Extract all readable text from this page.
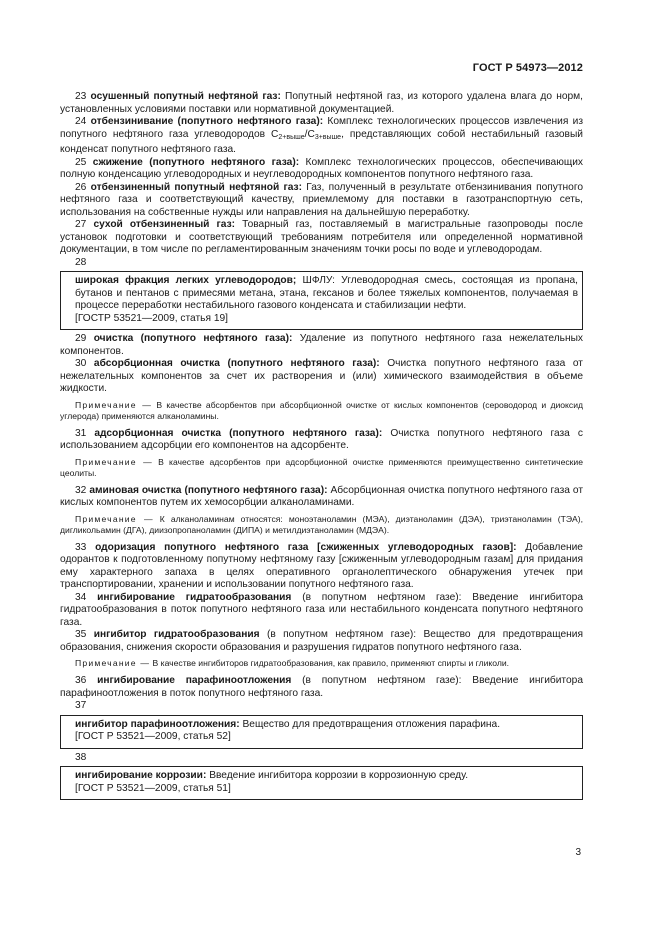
ГОСТ Р 54973—2012

23 осушенный попутный нефтяной газ: Попутный нефтяной газ, из которого удалена влага до норм, установленных условиями поставки или нормативной документацией.

24 отбензинивание (попутного нефтяного газа): Комплекс технологических процессов извлечения из попутного нефтяного газа углеводородов $C_{2+выше}/C_{3+выше}$, представляющих собой нестабильный газовый конденсат попутного нефтяного газа.

25 сжижение (попутного нефтяного газа): Комплекс технологических процессов, обеспечивающих полную конденсацию углеводородных и неуглеводородных компонентов попутного нефтяного газа.

26 отбензиненный попутный нефтяной газ: Газ, полученный в результате отбензинивания попутного нефтяного газа и соответствующий качеству, приемлемому для поставки в газотранспортную сеть, использования на собственные нужды или направления на дальнейшую переработку.

27 сухой отбензиненный газ: Товарный газ, поставляемый в магистральные газопроводы после установок подготовки и соответствующий требованиям потребителя или определенной нормативной документации, в том числе по регламентированным значениям точки росы по воде и углеводородам.

28

широкая фракция легких углеводородов; ШФЛУ: Углеводородная смесь, состоящая из пропана, бутанов и пентанов с примесями метана, этана, гексанов и более тяжелых компонентов, получаемая в процессе переработки нестабильного газового конденсата и стабилизации нефти.

[ГОСТР 53521—2009, статья 19]

29 очистка (попутного нефтяного газа): Удаление из попутного нефтяного газа нежелательных компонентов.

30 абсорбционная очистка (попутного нефтяного газа): Очистка попутного нефтяного газа от нежелательных компонентов за счет их растворения и (или) химического взаимодействия в объеме жидкости.

Примечание — В качестве абсорбентов при абсорбционной очистке от кислых компонентов (сероводород и диоксид углерода) применяются алканоламины.

31 адсорбционная очистка (попутного нефтяного газа): Очистка попутного нефтяного газа с использованием адсорбции его компонентов на адсорбенте.

Примечание — В качестве адсорбентов при адсорбционной очистке применяются преимущественно синтетические цеолиты.

32 аминовая очистка (попутного нефтяного газа): Абсорбционная очистка попутного нефтяного газа от кислых компонентов путем их хемосорбции алканоламинами.

Примечание — К алканоламинам относятся: моноэтаноламин (МЭА), диэтаноламин (ДЭА), триэтаноламин (ТЭА), дигликольамин (ДГА), диизопропаноламин (ДИПА) и метилдиэтаноламин (МДЭА).

33 одоризация попутного нефтяного газа [сжиженных углеводородных газов]: Добавление одорантов к подготовленному попутному нефтяному газу [сжиженным углеводородным газам] для придания ему характерного запаха в целях оперативного органолептического обнаружения утечек при транспортировании, хранении и использовании попутного нефтяного газа.

34 ингибирование гидратообразования (в попутном нефтяном газе): Введение ингибитора гидратообразования в поток попутного нефтяного газа или нестабильного конденсата попутного нефтяного газа.

35 ингибитор гидратообразования (в попутном нефтяном газе): Вещество для предотвращения образования, снижения скорости образования и разрушения гидратов попутного нефтяного газа.

Примечание — В качестве ингибиторов гидратообразования, как правило, применяют спирты и гликоли.

36 ингибирование парафиноотложения (в попутном нефтяном газе): Введение ингибитора парафиноотложения в поток попутного нефтяного газа.

37

ингибитор парафиноотложения: Вещество для предотвращения отложения парафина.

[ГОСТ Р 53521—2009, статья 52]

38

ингибирование коррозии: Введение ингибитора коррозии в коррозионную среду.

[ГОСТ Р 53521—2009, статья 51]

3
